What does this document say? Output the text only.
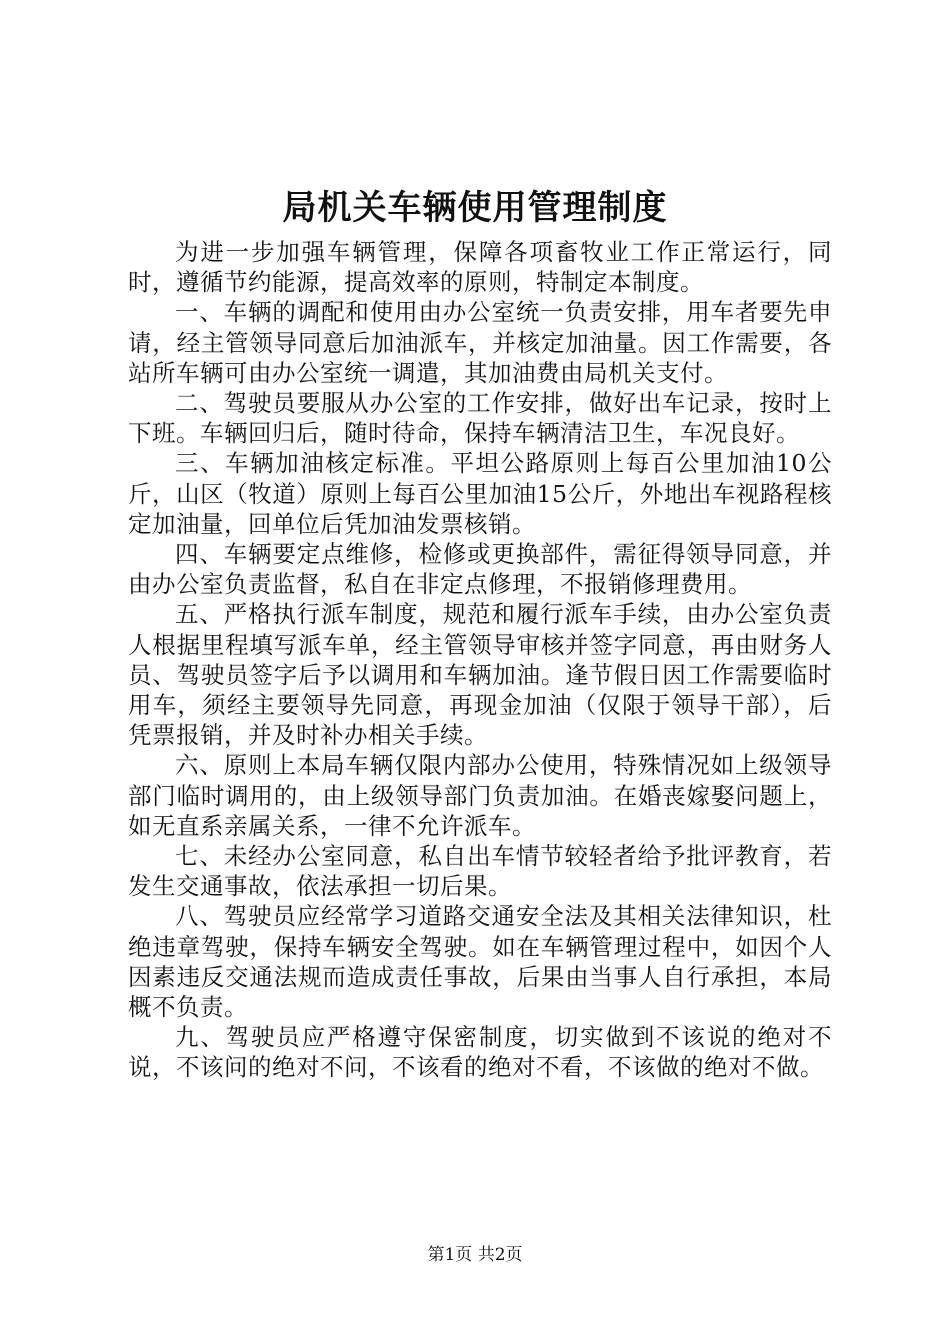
局机关车辆使用管理制度

为进一步加强车辆管理，保障各项畜牧业工作正常运行，同时，遵循节约能源，提高效率的原则，特制定本制度。

一、车辆的调配和使用由办公室统一负责安排，用车者要先申请，经主管领导同意后加油派车，并核定加油量。因工作需要，各站所车辆可由办公室统一调遣，其加油费由局机关支付。

二、驾驶员要服从办公室的工作安排，做好出车记录，按时上下班。车辆回归后，随时待命，保持车辆清洁卫生，车况良好。

三、车辆加油核定标准。平坦公路原则上每百公里加油10公斤，山区（牧道）原则上每百公里加油15公斤，外地出车视路程核定加油量，回单位后凭加油发票核销。

四、车辆要定点维修，检修或更换部件，需征得领导同意，并由办公室负责监督，私自在非定点修理，不报销修理费用。

五、严格执行派车制度，规范和履行派车手续，由办公室负责人根据里程填写派车单，经主管领导审核并签字同意，再由财务人员、驾驶员签字后予以调用和车辆加油。逢节假日因工作需要临时用车，须经主要领导先同意，再现金加油（仅限于领导干部），后凭票报销，并及时补办相关手续。

六、原则上本局车辆仅限内部办公使用，特殊情况如上级领导部门临时调用的，由上级领导部门负责加油。在婚丧嫁娶问题上，如无直系亲属关系，一律不允许派车。

七、未经办公室同意，私自出车情节较轻者给予批评教育，若发生交通事故，依法承担一切后果。

八、驾驶员应经常学习道路交通安全法及其相关法律知识，杜绝违章驾驶，保持车辆安全驾驶。如在车辆管理过程中，如因个人因素违反交通法规而造成责任事故，后果由当事人自行承担，本局概不负责。

九、驾驶员应严格遵守保密制度，切实做到不该说的绝对不说，不该问的绝对不问，不该看的绝对不看，不该做的绝对不做。

第1页 共2页
